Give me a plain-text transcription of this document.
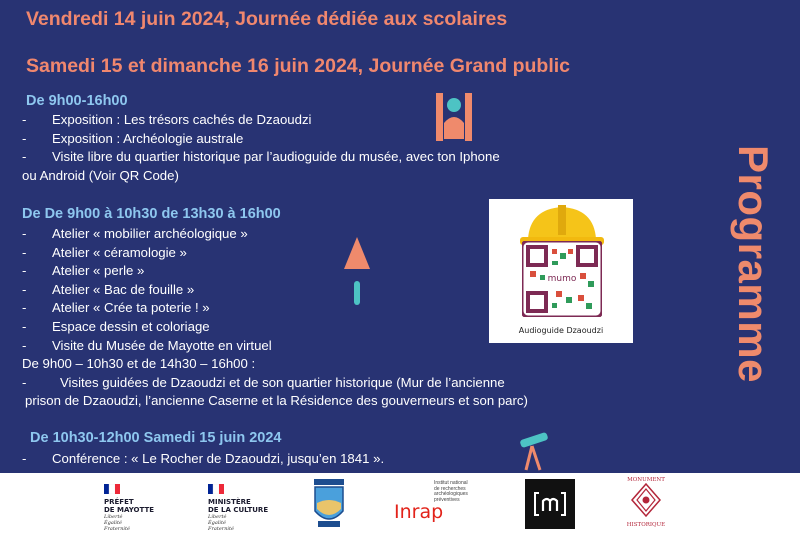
Vendredi 14 juin 2024, Journée dédiée aux scolaires
Samedi 15 et dimanche 16 juin 2024, Journée Grand public
De 9h00-16h00
- Exposition : Les trésors cachés de Dzaoudzi
- Exposition : Archéologie australe
- Visite libre du quartier historique par l’audioguide du musée, avec ton Iphone
ou Android (Voir QR Code)
De De 9h00 à 10h30 de 13h30 à 16h00
- Atelier « mobilier archéologique »
- Atelier « céramologie »
- Atelier « perle »
- Atelier « Bac de fouille »
- Atelier « Crée ta poterie ! »
- Espace dessin et coloriage
- Visite du Musée de Mayotte en virtuel
De 9h00 – 10h30 et de 14h30 – 16h00 :
-	Visites guidées de Dzaoudzi et de son quartier historique (Mur de l’ancienne
prison de Dzaoudzi, l’ancienne Caserne et la Résidence des gouverneurs et son parc)
De 10h30-12h00 Samedi 15 juin 2024
- Conférence : « Le Rocher de Dzaoudzi, jusqu’en 1841 ».
Programme
mumo
Audioguide Dzaoudzi
PRÉFET
DE MAYOTTE
Liberté
Égalité
Fraternité
MINISTÈRE
DE LA CULTURE
Liberté
Égalité
Fraternité
Institut national
de recherches
archéologiques
préventives
Inrap
MONUMENT
HISTORIQUE
